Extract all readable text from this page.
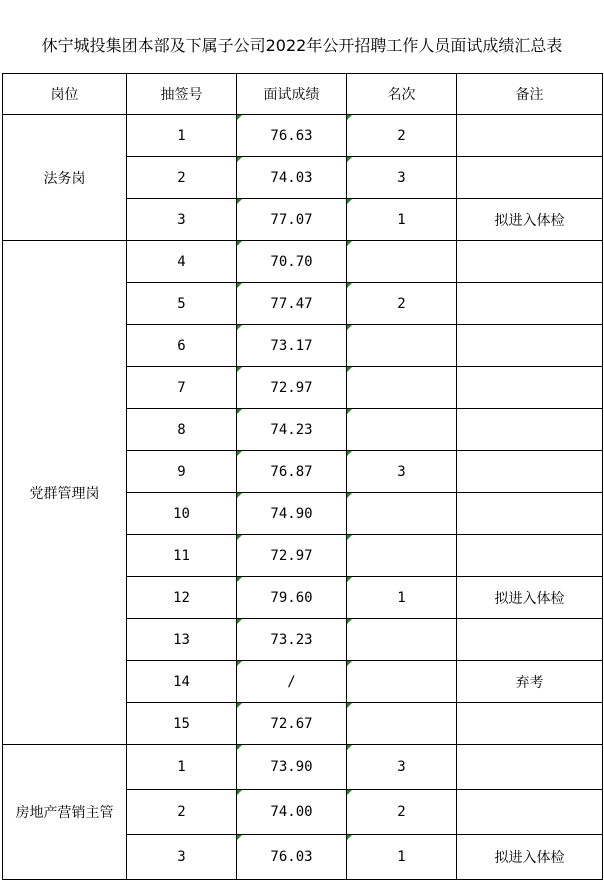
休宁城投集团本部及下属子公司2022年公开招聘工作人员面试成绩汇总表
岗位	抽签号	面试成绩	名次	备注
法务岗	1	76.63	2	
	2	74.03	3	
	3	77.07	1	拟进入体检
党群管理岗	4	70.70		
	5	77.47	2	
	6	73.17		
	7	72.97		
	8	74.23		
	9	76.87	3	
	10	74.90		
	11	72.97		
	12	79.60	1	拟进入体检
	13	73.23		
	14	/		弃考
	15	72.67		
房地产营销主管	1	73.90	3	
	2	74.00	2	
	3	76.03	1	拟进入体检
